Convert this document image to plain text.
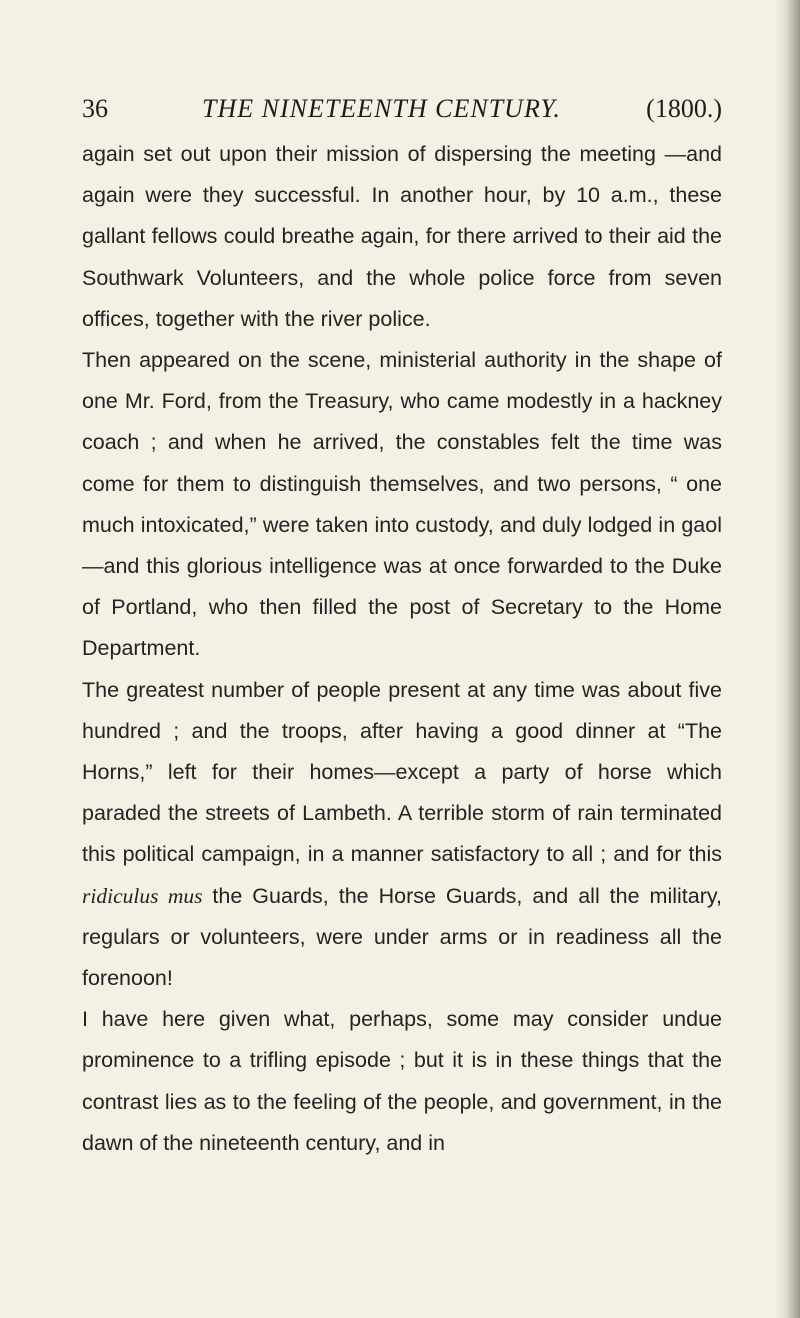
36	THE NINETEENTH CENTURY.	(1800.)

again set out upon their mission of dispersing the meeting —and again were they successful. In another hour, by 10 a.m., these gallant fellows could breathe again, for there arrived to their aid the Southwark Volunteers, and the whole police force from seven offices, together with the river police.

Then appeared on the scene, ministerial authority in the shape of one Mr. Ford, from the Treasury, who came modestly in a hackney coach ; and when he arrived, the constables felt the time was come for them to distinguish themselves, and two persons, “ one much intoxicated,” were taken into custody, and duly lodged in gaol—and this glorious intelligence was at once forwarded to the Duke of Portland, who then filled the post of Secretary to the Home Department.

The greatest number of people present at any time was about five hundred ; and the troops, after having a good dinner at “The Horns,” left for their homes—except a party of horse which paraded the streets of Lambeth. A terrible storm of rain terminated this political campaign, in a manner satisfactory to all ; and for this ridiculus mus the Guards, the Horse Guards, and all the military, regulars or volunteers, were under arms or in readiness all the forenoon!

I have here given what, perhaps, some may consider undue prominence to a trifling episode ; but it is in these things that the contrast lies as to the feeling of the people, and government, in the dawn of the nineteenth century, and in
